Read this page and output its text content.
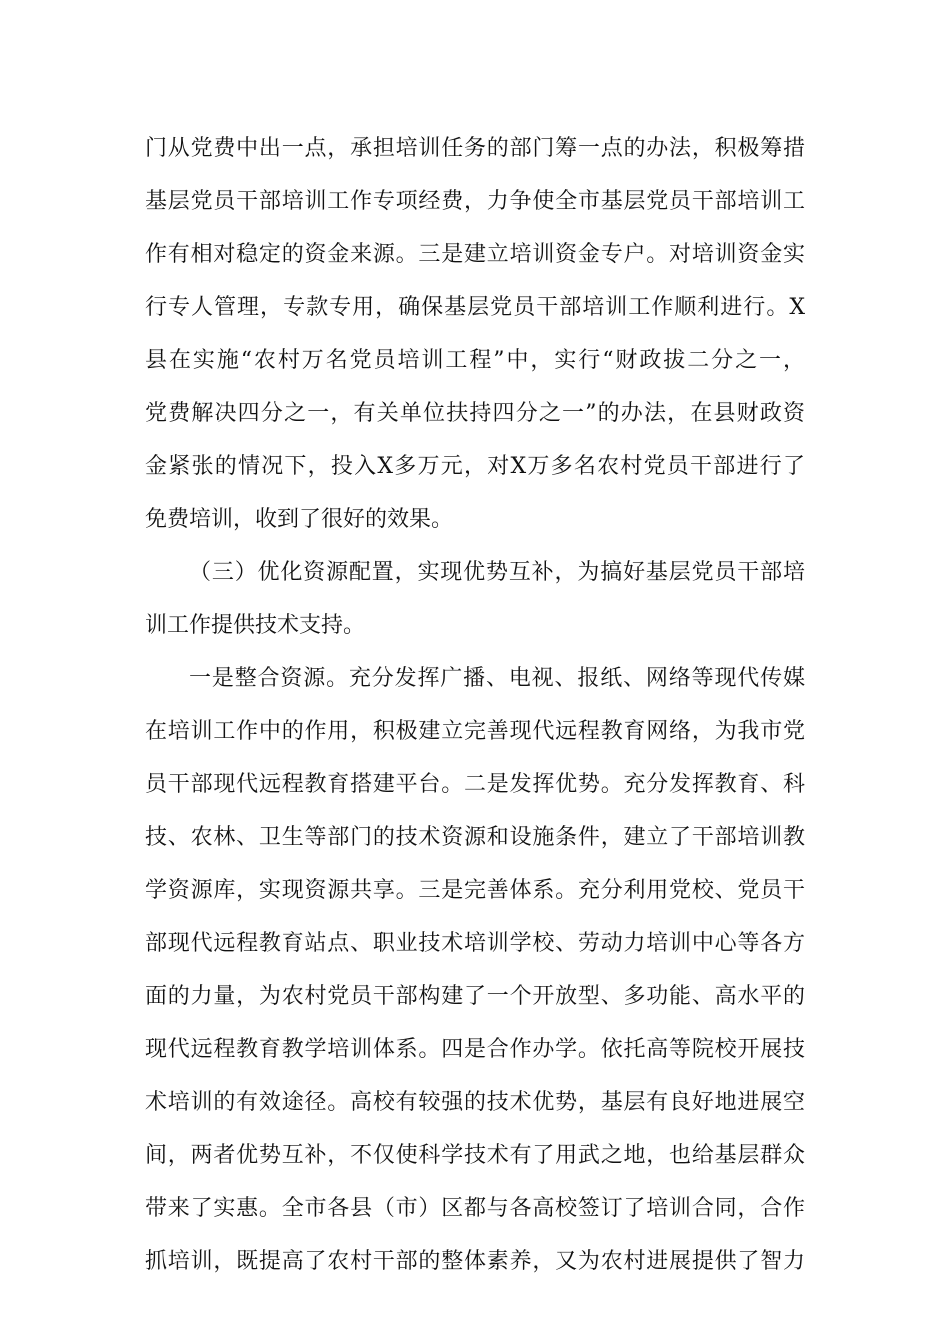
门从党费中出一点，承担培训任务的部门筹一点的办法，积极筹措
基层党员干部培训工作专项经费，力争使全市基层党员干部培训工
作有相对稳定的资金来源。三是建立培训资金专户。对培训资金实
行专人管理，专款专用，确保基层党员干部培训工作顺利进行。X
县在实施“农村万名党员培训工程”中，实行“财政拔二分之一，
党费解决四分之一，有关单位扶持四分之一”的办法，在县财政资
金紧张的情况下，投入X多万元，对X万多名农村党员干部进行了
免费培训，收到了很好的效果。
（三）优化资源配置，实现优势互补，为搞好基层党员干部培
训工作提供技术支持。
一是整合资源。充分发挥广播、电视、报纸、网络等现代传媒
在培训工作中的作用，积极建立完善现代远程教育网络，为我市党
员干部现代远程教育搭建平台。二是发挥优势。充分发挥教育、科
技、农林、卫生等部门的技术资源和设施条件，建立了干部培训教
学资源库，实现资源共享。三是完善体系。充分利用党校、党员干
部现代远程教育站点、职业技术培训学校、劳动力培训中心等各方
面的力量，为农村党员干部构建了一个开放型、多功能、高水平的
现代远程教育教学培训体系。四是合作办学。依托高等院校开展技
术培训的有效途径。高校有较强的技术优势，基层有良好地进展空
间，两者优势互补，不仅使科学技术有了用武之地，也给基层群众
带来了实惠。全市各县（市）区都与各高校签订了培训合同，合作
抓培训，既提高了农村干部的整体素养，又为农村进展提供了智力
